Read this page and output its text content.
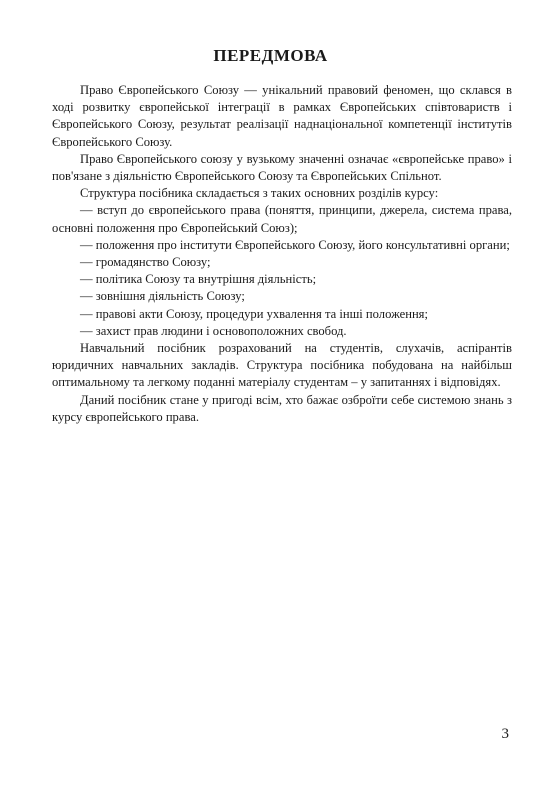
ПЕРЕДМОВА

Право Європейського Союзу — унікальний правовий феномен, що склався в ході розвитку європейської інтеграції в рамках Європейських співтовариств і Європейського Союзу, результат реалізації наднаціональної компетенції інститутів Європейського Союзу.

Право Європейського союзу у вузькому значенні означає «європейське право» і пов'язане з діяльністю Європейського Союзу та Європейських Спільнот.

Структура посібника складається з таких основних розділів курсу:

— вступ до європейського права (поняття, принципи, джерела, система права, основні положення про Європейський Союз);

— положення про інститути Європейського Союзу, його консультативні органи;

— громадянство Союзу;

— політика Союзу та внутрішня діяльність;

— зовнішня діяльність Союзу;

— правові акти Союзу, процедури ухвалення та інші положення;

— захист прав людини і основоположних свобод.

Навчальний посібник розрахований на студентів, слухачів, аспірантів юридичних навчальних закладів. Структура посібника побудована на найбільш оптимальному та легкому поданні матеріалу студентам – у запитаннях і відповідях.

Даний посібник стане у пригоді всім, хто бажає озброїти себе системою знань з курсу європейського права.

3
